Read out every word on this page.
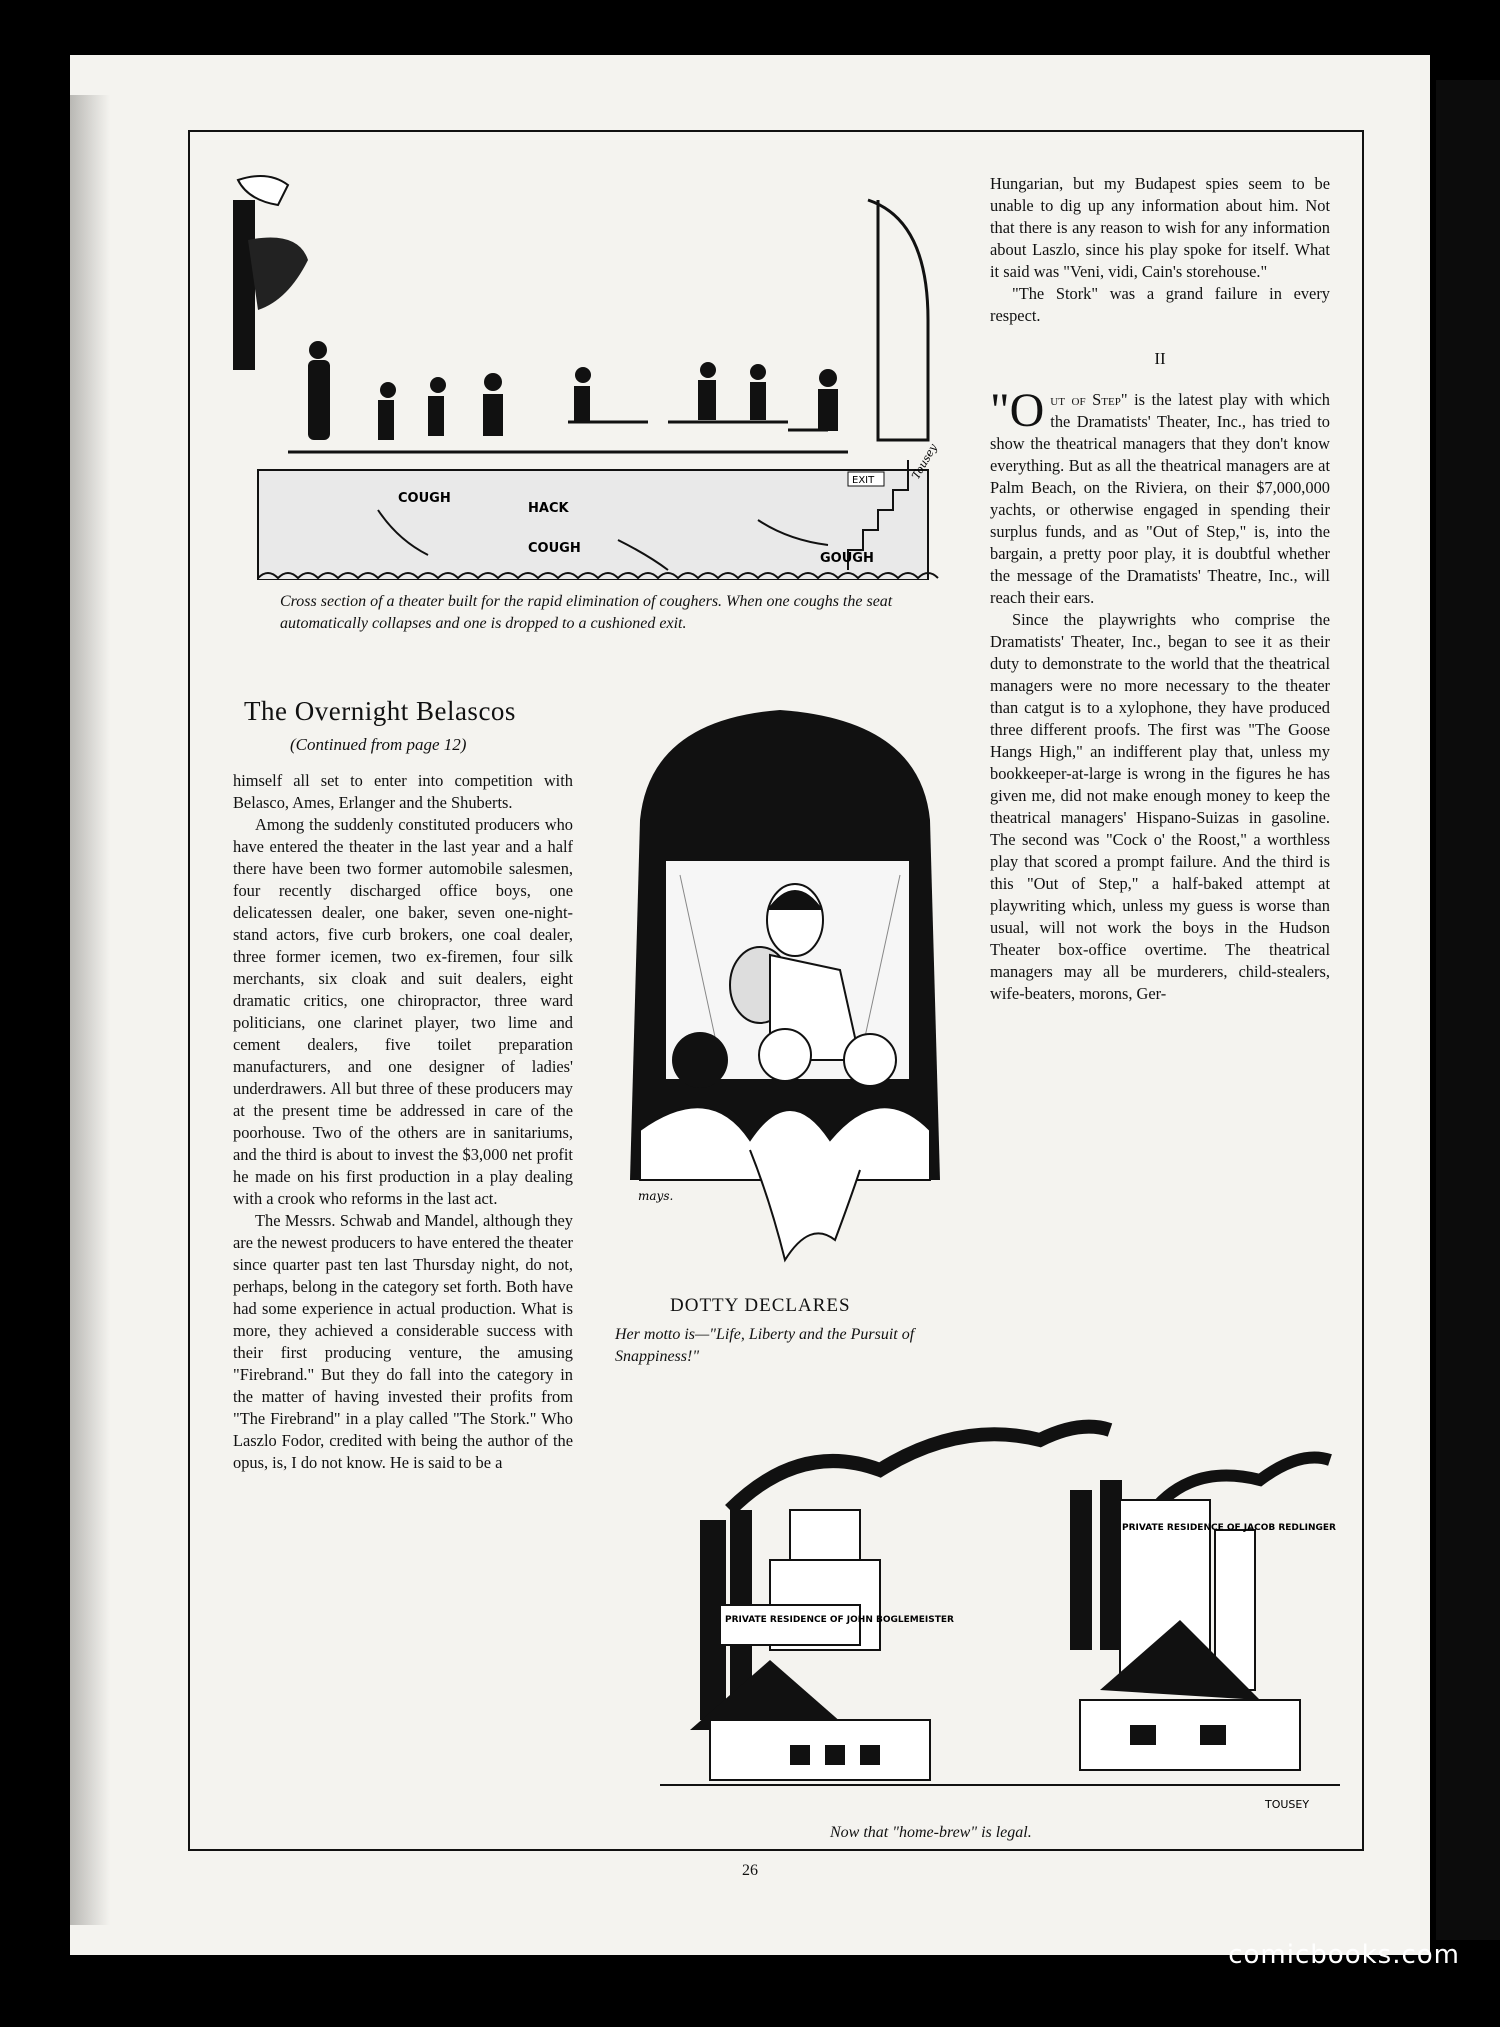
EXIT
COUGH
HACK
COUGH
GOUGH
Tousey
Cross section of a theater built for the rapid elimination of coughers. When one coughs the seat automatically collapses and one is dropped to a cushioned exit.
The Overnight Belascos
(Continued from page 12)

himself all set to enter into competition with Belasco, Ames, Erlanger and the Shuberts.

Among the suddenly constituted producers who have entered the theater in the last year and a half there have been two former automobile salesmen, four recently discharged office boys, one delicatessen dealer, one baker, seven one-night-stand actors, five curb brokers, one coal dealer, three former icemen, two ex-firemen, four silk merchants, six cloak and suit dealers, eight dramatic critics, one chiropractor, three ward politicians, one clarinet player, two lime and cement dealers, five toilet preparation manufacturers, and one designer of ladies' underdrawers. All but three of these producers may at the present time be addressed in care of the poorhouse. Two of the others are in sanitariums, and the third is about to invest the $3,000 net profit he made on his first production in a play dealing with a crook who reforms in the last act.

The Messrs. Schwab and Mandel, although they are the newest producers to have entered the theater since quarter past ten last Thursday night, do not, perhaps, belong in the category set forth. Both have had some experience in actual production. What is more, they achieved a considerable success with their first producing venture, the amusing "Firebrand." But they do fall into the category in the matter of having invested their profits from "The Firebrand" in a play called "The Stork." Who Laszlo Fodor, credited with being the author of the opus, is, I do not know. He is said to be a

mays.
DOTTY DECLARES
Her motto is—"Life, Liberty and the Pursuit of Snappiness!"

Hungarian, but my Budapest spies seem to be unable to dig up any information about him. Not that there is any reason to wish for any information about Laszlo, since his play spoke for itself. What it said was "Veni, vidi, Cain's storehouse."

"The Stork" was a grand failure in every respect.

II

"Out of Step" is the latest play with which the Dramatists' Theater, Inc., has tried to show the theatrical managers that they don't know everything. But as all the theatrical managers are at Palm Beach, on the Riviera, on their $7,000,000 yachts, or otherwise engaged in spending their surplus funds, and as "Out of Step," is, into the bargain, a pretty poor play, it is doubtful whether the message of the Dramatists' Theatre, Inc., will reach their ears.

Since the playwrights who comprise the Dramatists' Theater, Inc., began to see it as their duty to demonstrate to the world that the theatrical managers were no more necessary to the theater than catgut is to a xylophone, they have produced three different proofs. The first was "The Goose Hangs High," an indifferent play that, unless my bookkeeper-at-large is wrong in the figures he has given me, did not make enough money to keep the theatrical managers' Hispano-Suizas in gasoline. The second was "Cock o' the Roost," a worthless play that scored a prompt failure. And the third is this "Out of Step," a half-baked attempt at playwriting which, unless my guess is worse than usual, will not work the boys in the Hudson Theater box-office overtime. The theatrical managers may all be murderers, child-stealers, wife-beaters, morons, Ger-

PRIVATE RESIDENCE OF JOHN BOGLEMEISTER
PRIVATE RESIDENCE OF JACOB REDLINGER
TOUSEY
Now that "home-brew" is legal.
26
comicbooks.com
